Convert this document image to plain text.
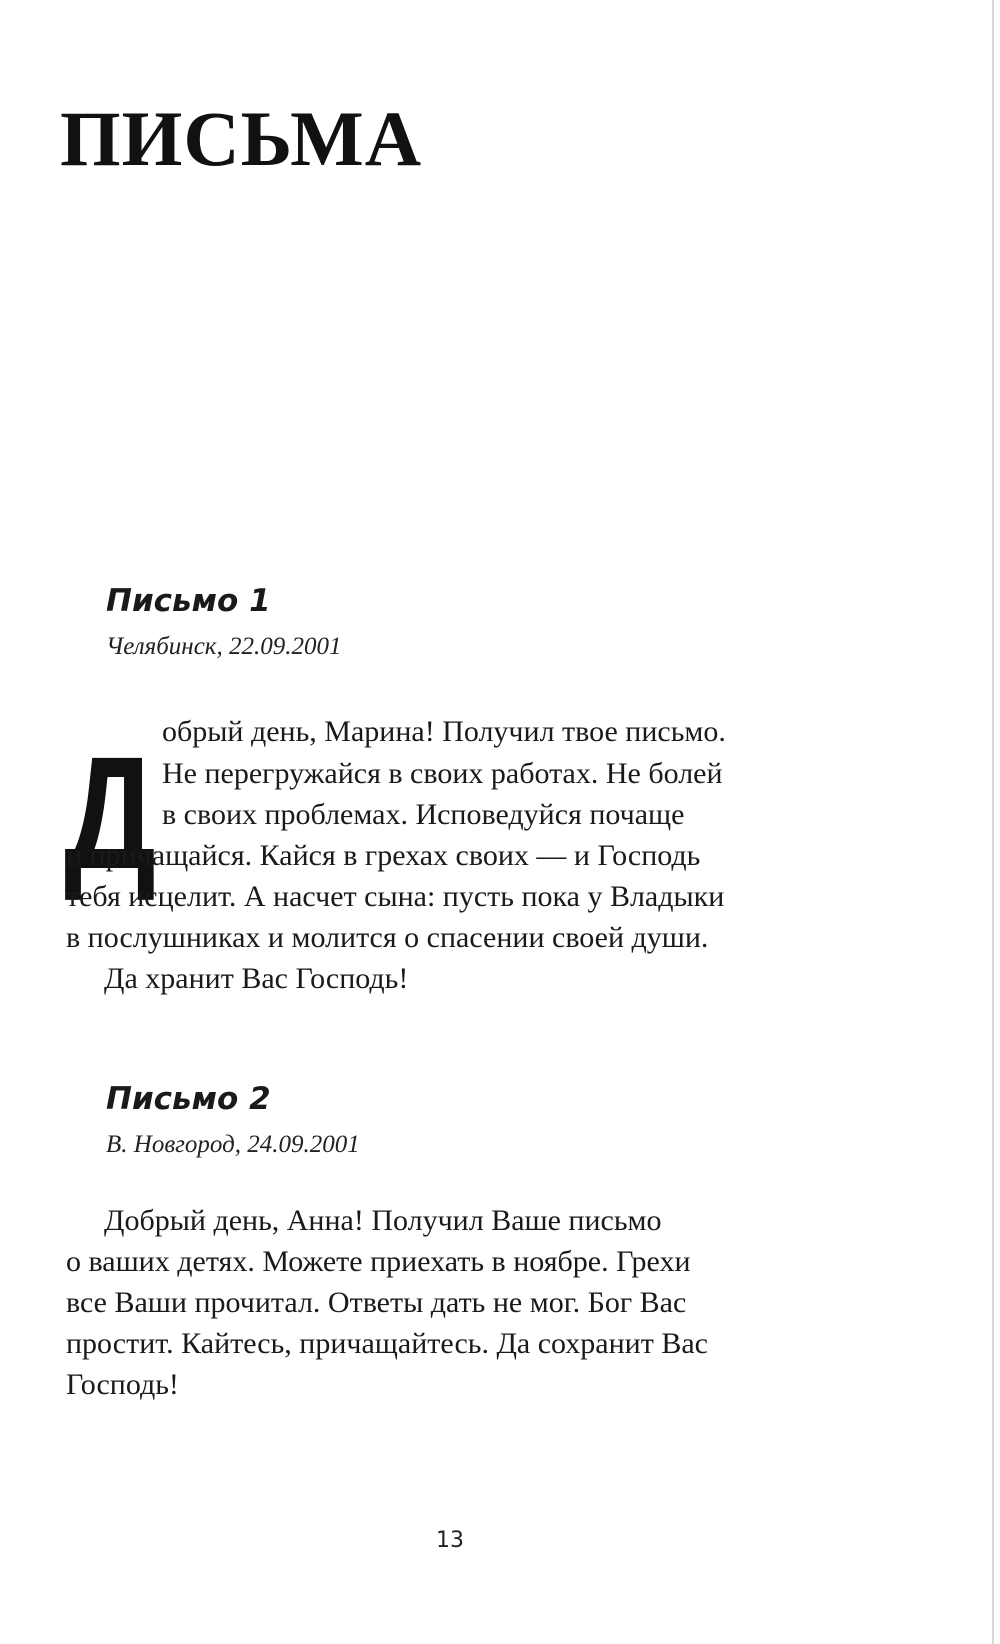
ПИСЬМА
Письмо 1

Челябинск, 22.09.2001

Д обрый день, Марина! Получил твое письмо.

Не перегружайся в своих работах. Не болей

в своих проблемах. Исповедуйся почаще

и причащайся. Кайся в грехах своих — и Господь

тебя исцелит. А насчет сына: пусть пока у Владыки

в послушниках и молится о спасении своей души.

Да хранит Вас Господь!

Письмо 2

В. Новгород, 24.09.2001

Добрый день, Анна! Получил Ваше письмо

о ваших детях. Можете приехать в ноябре. Грехи

все Ваши прочитал. Ответы дать не мог. Бог Вас

простит. Кайтесь, причащайтесь. Да сохранит Вас

Господь!

13
